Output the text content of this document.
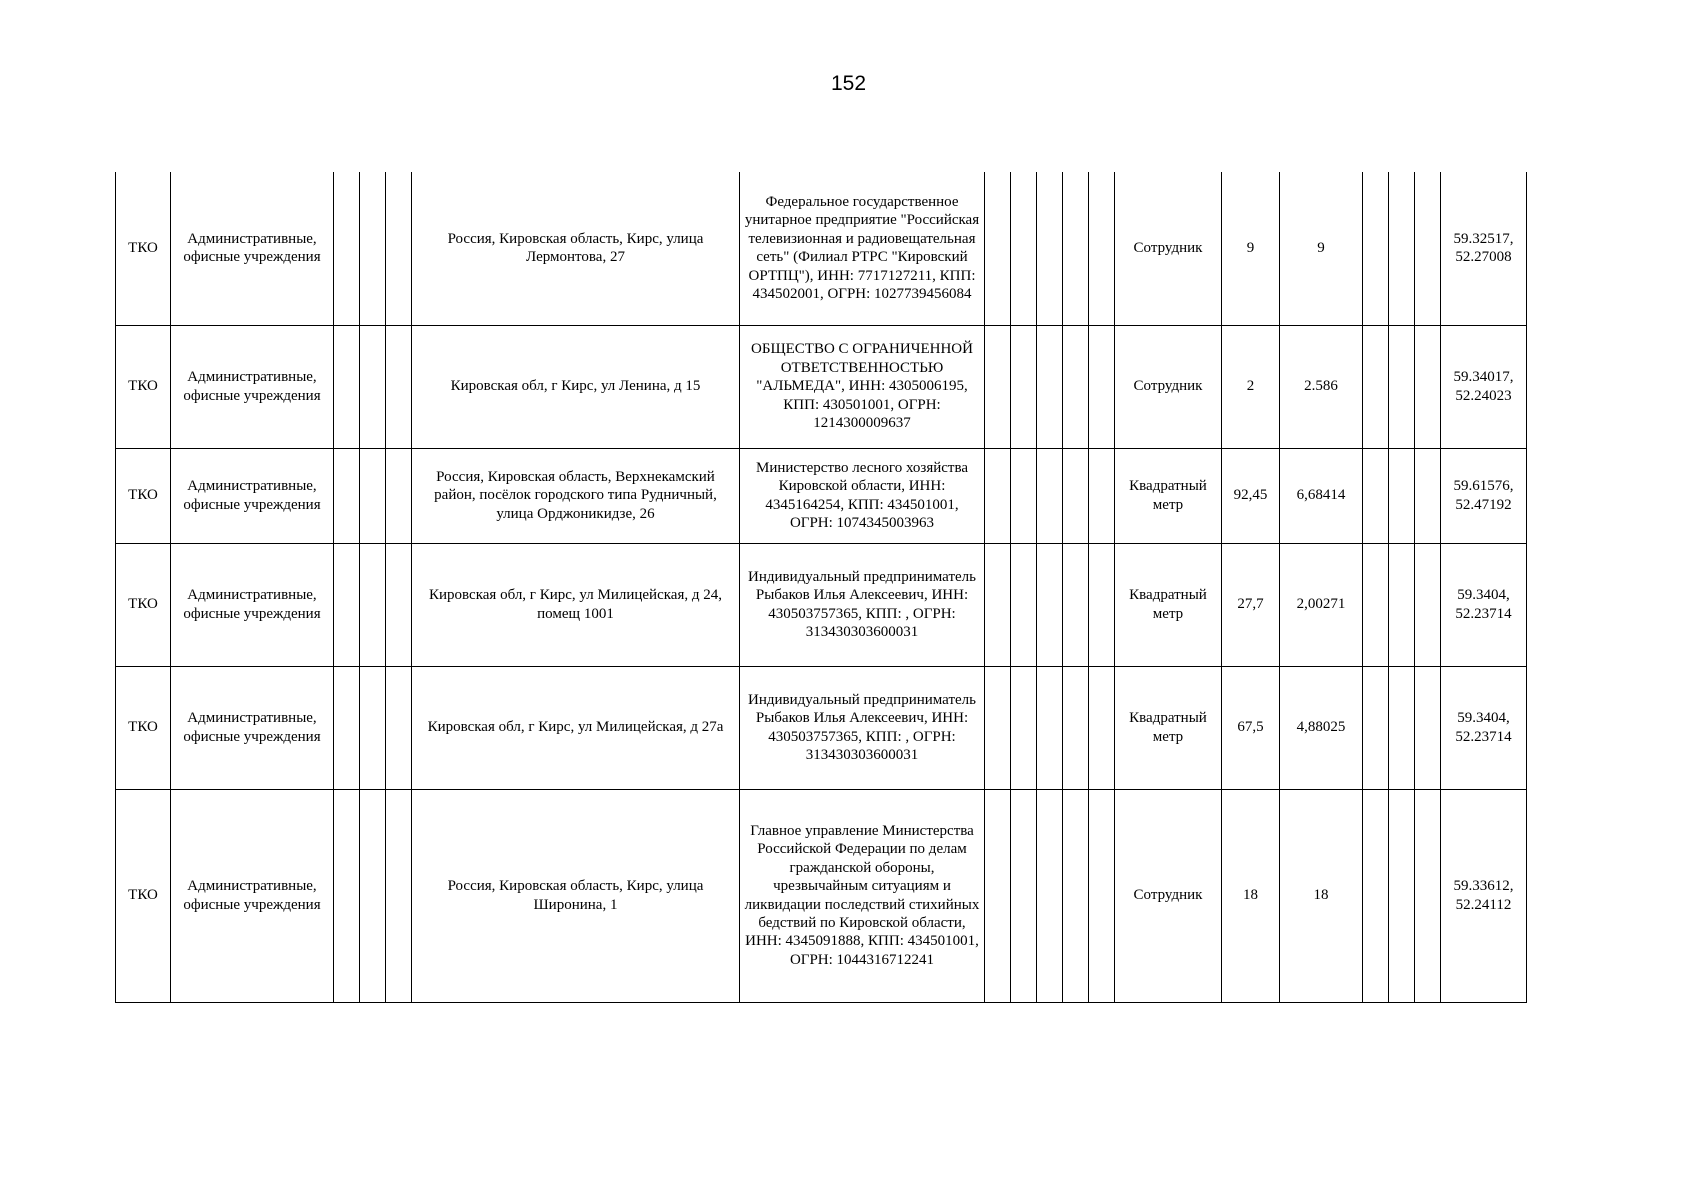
152
ТКО	Административные, офисные учреждения				Россия, Кировская область, Кирс, улица Лермонтова, 27	Федеральное государственное унитарное предприятие "Российская телевизионная и радиовещательная сеть" (Филиал РТРС "Кировский ОРТПЦ"), ИНН: 7717127211, КПП: 434502001, ОГРН: 1027739456084						Сотрудник	9	9				59.32517, 52.27008
ТКО	Административные, офисные учреждения				Кировская обл, г Кирс, ул Ленина, д 15	ОБЩЕСТВО С ОГРАНИЧЕННОЙ ОТВЕТСТВЕННОСТЬЮ "АЛЬМЕДА", ИНН: 4305006195, КПП: 430501001, ОГРН: 1214300009637						Сотрудник	2	2.586				59.34017, 52.24023
ТКО	Административные, офисные учреждения				Россия, Кировская область, Верхнекамский район, посёлок городского типа Рудничный, улица Орджоникидзе, 26	Министерство лесного хозяйства Кировской области, ИНН: 4345164254, КПП: 434501001, ОГРН: 1074345003963						Квадратный метр	92,45	6,68414				59.61576, 52.47192
ТКО	Административные, офисные учреждения				Кировская обл, г Кирс, ул Милицейская, д 24, помещ 1001	Индивидуальный предприниматель Рыбаков Илья Алексеевич, ИНН: 430503757365, КПП: , ОГРН: 313430303600031						Квадратный метр	27,7	2,00271				59.3404, 52.23714
ТКО	Административные, офисные учреждения				Кировская обл, г Кирс, ул Милицейская, д 27а	Индивидуальный предприниматель Рыбаков Илья Алексеевич, ИНН: 430503757365, КПП: , ОГРН: 313430303600031						Квадратный метр	67,5	4,88025				59.3404, 52.23714
ТКО	Административные, офисные учреждения				Россия, Кировская область, Кирс, улица Широнина, 1	Главное управление Министерства Российской Федерации по делам гражданской обороны, чрезвычайным ситуациям и ликвидации последствий стихийных бедствий по Кировской области, ИНН: 4345091888, КПП: 434501001, ОГРН: 1044316712241						Сотрудник	18	18				59.33612, 52.24112
